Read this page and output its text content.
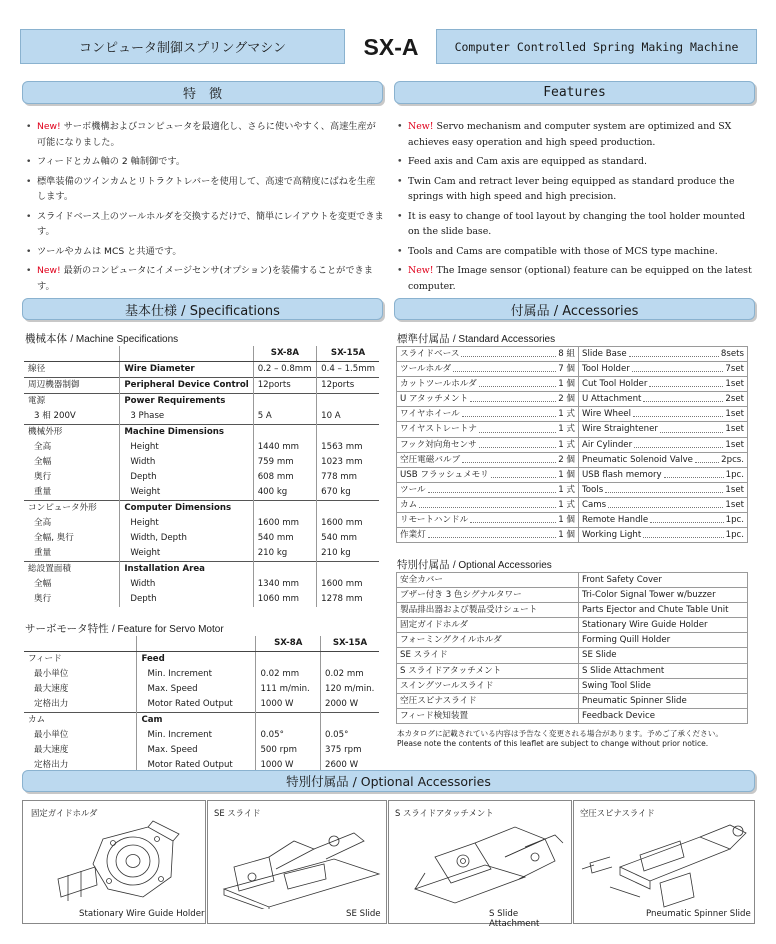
コンピュータ制御スプリングマシン	SX-A	Computer Controlled Spring Making Machine
特　徴	Features
• New! サーボ機構およびコンピュータを最適化し、さらに使いやすく、高速生産が可能になりました。
• フィードとカム軸の 2 軸制御です。
• 標準装備のツインカムとリトラクトレバーを使用して、高速で高精度にばねを生産します。
• スライドベース上のツールホルダを交換するだけで、簡単にレイアウトを変更できます。
• ツールやカムは MCS と共通です。
• New! 最新のコンピュータにイメージセンサ(オプション)を装備することができます。
• New! Servo mechanism and computer system are optimized and SX achieves easy operation and high speed production.
• Feed axis and Cam axis are equipped as standard.
• Twin Cam and retract lever being equipped as standard produce the springs with high speed and high precision.
• It is easy to change of tool layout by changing the tool holder mounted on the slide base.
• Tools and Cams are compatible with those of MCS type machine.
• New! The Image sensor (optional) feature can be equipped on the latest computer.
基本仕様 / Specifications
機械本体 / Machine Specifications
		SX-8A	SX-15A
線径	Wire Diameter	0.2 – 0.8mm	0.4 – 1.5mm
周辺機器制御	Peripheral Device Control	12ports	12ports
電源	Power Requirements		
3 相 200V	3 Phase	5 A	10 A
機械外形	Machine Dimensions		
全高	Height	1440 mm	1563 mm
全幅	Width	759 mm	1023 mm
奥行	Depth	608 mm	778 mm
重量	Weight	400 kg	670 kg
コンピュータ外形	Computer Dimensions		
全高	Height	1600 mm	1600 mm
全幅, 奥行	Width, Depth	540 mm	540 mm
重量	Weight	210 kg	210 kg
総設置面積	Installation Area		
全幅	Width	1340 mm	1600 mm
奥行	Depth	1060 mm	1278 mm
サーボモータ特性 / Feature for Servo Motor
		SX-8A	SX-15A
フィード	Feed		
最小単位	Min. Increment	0.02 mm	0.02 mm
最大速度	Max. Speed	111 m/min.	120 m/min.
定格出力	Motor Rated Output	1000 W	2000 W
カム	Cam		
最小単位	Min. Increment	0.05°	0.05°
最大速度	Max. Speed	500 rpm	375 rpm
定格出力	Motor Rated Output	1000 W	2600 W
付属品 / Accessories
標準付属品 / Standard Accessories
スライドベース 8 組	Slide Base 8sets

ツールホルダ 7 個	Tool Holder 7set

カットツールホルダ 1 個	Cut Tool Holder 1set

U アタッチメント 2 個	U Attachment 2set

ワイヤホイール 1 式	Wire Wheel 1set

ワイヤストレートナ 1 式	Wire Straightener 1set

フック対向角センサ 1 式	Air Cylinder 1set

空圧電磁バルブ 2 個	Pneumatic Solenoid Valve 2pcs.

USB フラッシュメモリ 1 個	USB flash memory 1pc.

ツール 1 式	Tools 1set

カム 1 式	Cams 1set

リモートハンドル 1 個	Remote Handle 1pc.

作業灯 1 個	Working Light 1pc.
特別付属品 / Optional Accessories
安全カバー	Front Safety Cover
ブザー付き 3 色シグナルタワー	Tri-Color Signal Tower w/buzzer
製品排出器および製品受けシュート	Parts Ejector and Chute Table Unit
固定ガイドホルダ	Stationary Wire Guide Holder
フォーミングクイルホルダ	Forming Quill Holder
SE スライド	SE Slide
S スライドアタッチメント	S Slide Attachment
スイングツールスライド	Swing Tool Slide
空圧スピナスライド	Pneumatic Spinner Slide
フィード検知装置	Feedback Device
本カタログに記載されている内容は予告なく変更される場合があります。予めご了承ください。
Please note the contents of this leaflet are subject to change without prior notice.
特別付属品 / Optional Accessories
固定ガイドホルダ
Stationary Wire Guide Holder
SE スライド
SE Slide
S スライドアタッチメント
S Slide Attachment
空圧スピナスライド
Pneumatic Spinner Slide
